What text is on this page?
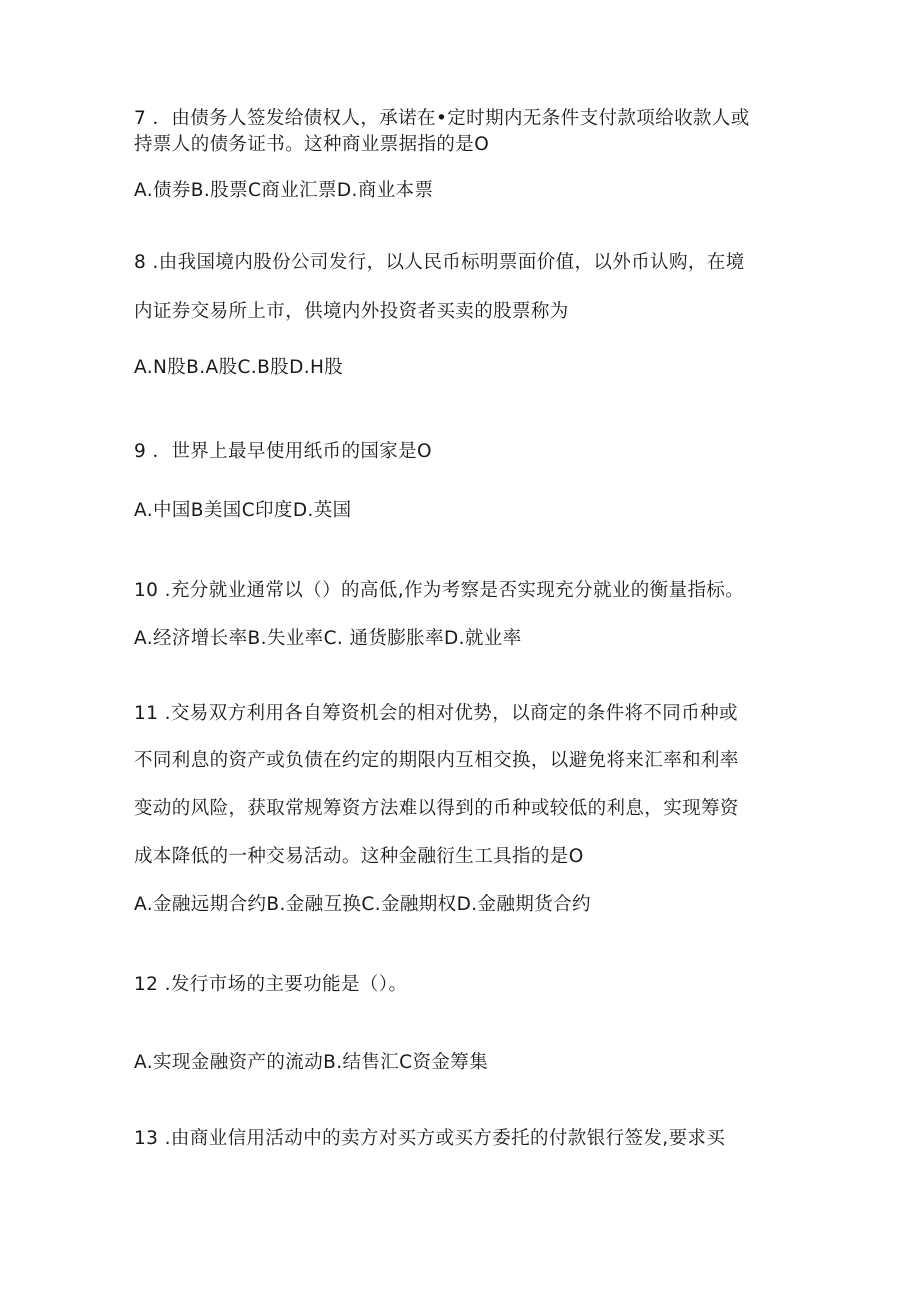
7 ．由债务人签发给债权人，承诺在•定时期内无条件支付款项给收款人或
持票人的债务证书。这种商业票据指的是O
A.债券B.股票C商业汇票D.商业本票
8 .由我国境内股份公司发行，以人民币标明票面价值，以外币认购，在境
内证券交易所上市，供境内外投资者买卖的股票称为
A.N股B.A股C.B股D.H股
9 ．世界上最早使用纸币的国家是O
A.中国B美国C印度D.英国
10 .充分就业通常以（）的高低,作为考察是否实现充分就业的衡量指标。
A.经济增长率B.失业率C. 通货膨胀率D.就业率
11 .交易双方利用各自筹资机会的相对优势，以商定的条件将不同币种或
不同利息的资产或负债在约定的期限内互相交换，以避免将来汇率和利率
变动的风险，获取常规筹资方法难以得到的币种或较低的利息，实现筹资
成本降低的一种交易活动。这种金融衍生工具指的是O
A.金融远期合约B.金融互换C.金融期权D.金融期货合约
12 .发行市场的主要功能是（）。
A.实现金融资产的流动B.结售汇C资金筹集
13 .由商业信用活动中的卖方对买方或买方委托的付款银行签发,要求买
